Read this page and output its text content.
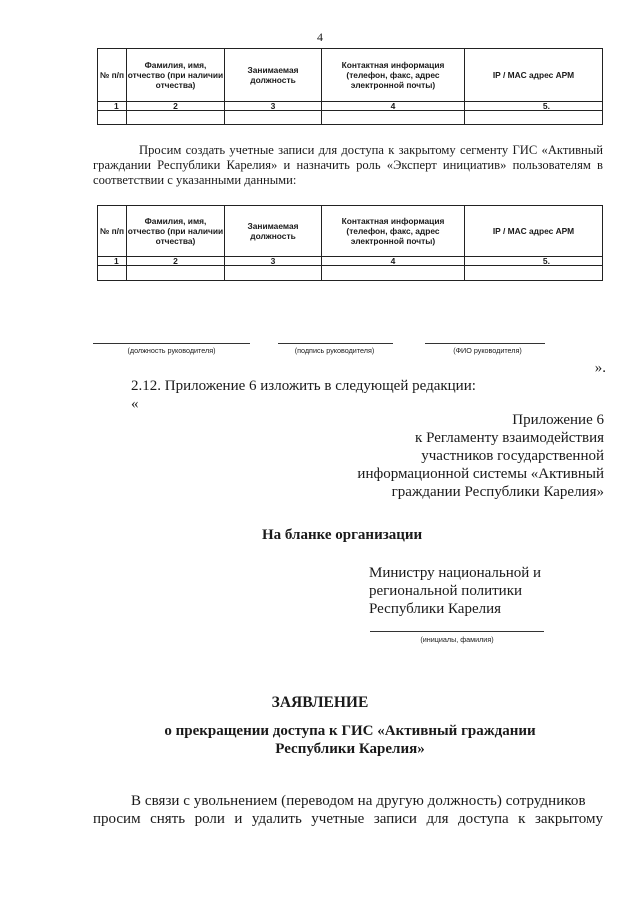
4
№ п/п	Фамилия, имя, отчество (при наличии отчества)	Занимаемая должность	Контактная информация (телефон, факс, адрес электронной почты)	IP / MAC адрес АРМ
1	2	3	4	5.

Просим создать учетные записи для доступа к закрытому сегменту ГИС «Активный граждании Республики Карелия» и назначить роль «Эксперт инициатив» пользователям в соответствии с указанными данными:
№ п/п	Фамилия, имя, отчество (при наличии отчества)	Занимаемая должность	Контактная информация (телефон, факс, адрес электронной почты)	IP / MAC адрес АРМ
1	2	3	4	5.

(должность руководителя)	(подпись руководителя)	(ФИО руководителя)
».
2.12. Приложение 6 изложить в следующей редакции:
«
Приложение 6
к Регламенту взаимодействия
участников государственной
информационной системы «Активный
граждании Республики Карелия»
На бланке организации
Министру национальной и
региональной политики
Республики Карелия
(инициалы, фамилия)
ЗАЯВЛЕНИЕ
о прекращении доступа к ГИС «Активный граждании
Республики Карелия»
В связи с увольнением (переводом на другую должность) сотрудников
просим снять роли и удалить учетные записи для доступа к закрытому
